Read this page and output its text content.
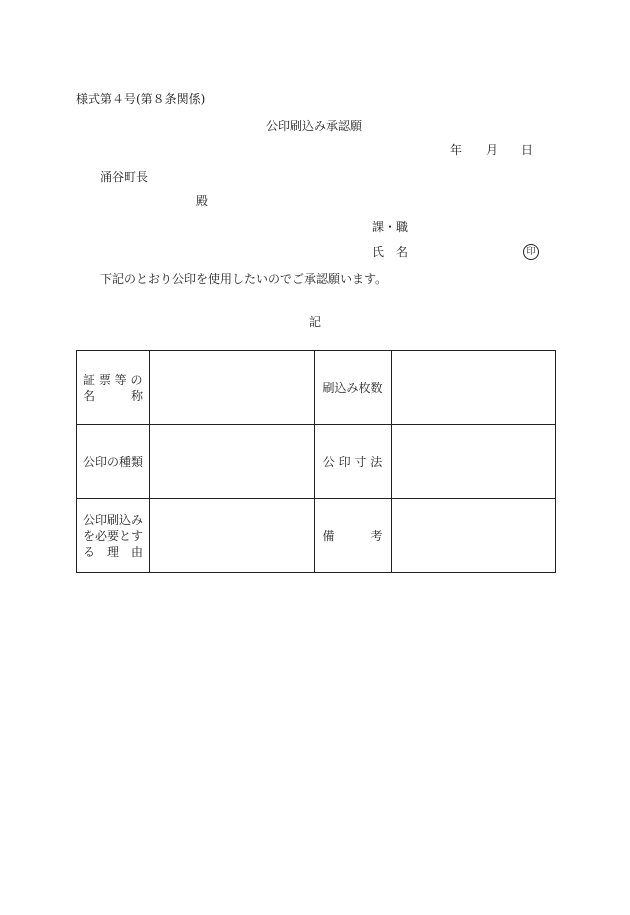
様式第４号(第８条関係)
公印刷込み承認願
年 月 日
涌谷町長
殿
課・職
氏　名	印
下記のとおり公印を使用したいのでご承認願います。
記
証 票 等 の
名　　　称		刷込み枚数	

公印の種類		公 印 寸 法	

公印刷込み
を必要とす
る　理　由		備　　　考	
